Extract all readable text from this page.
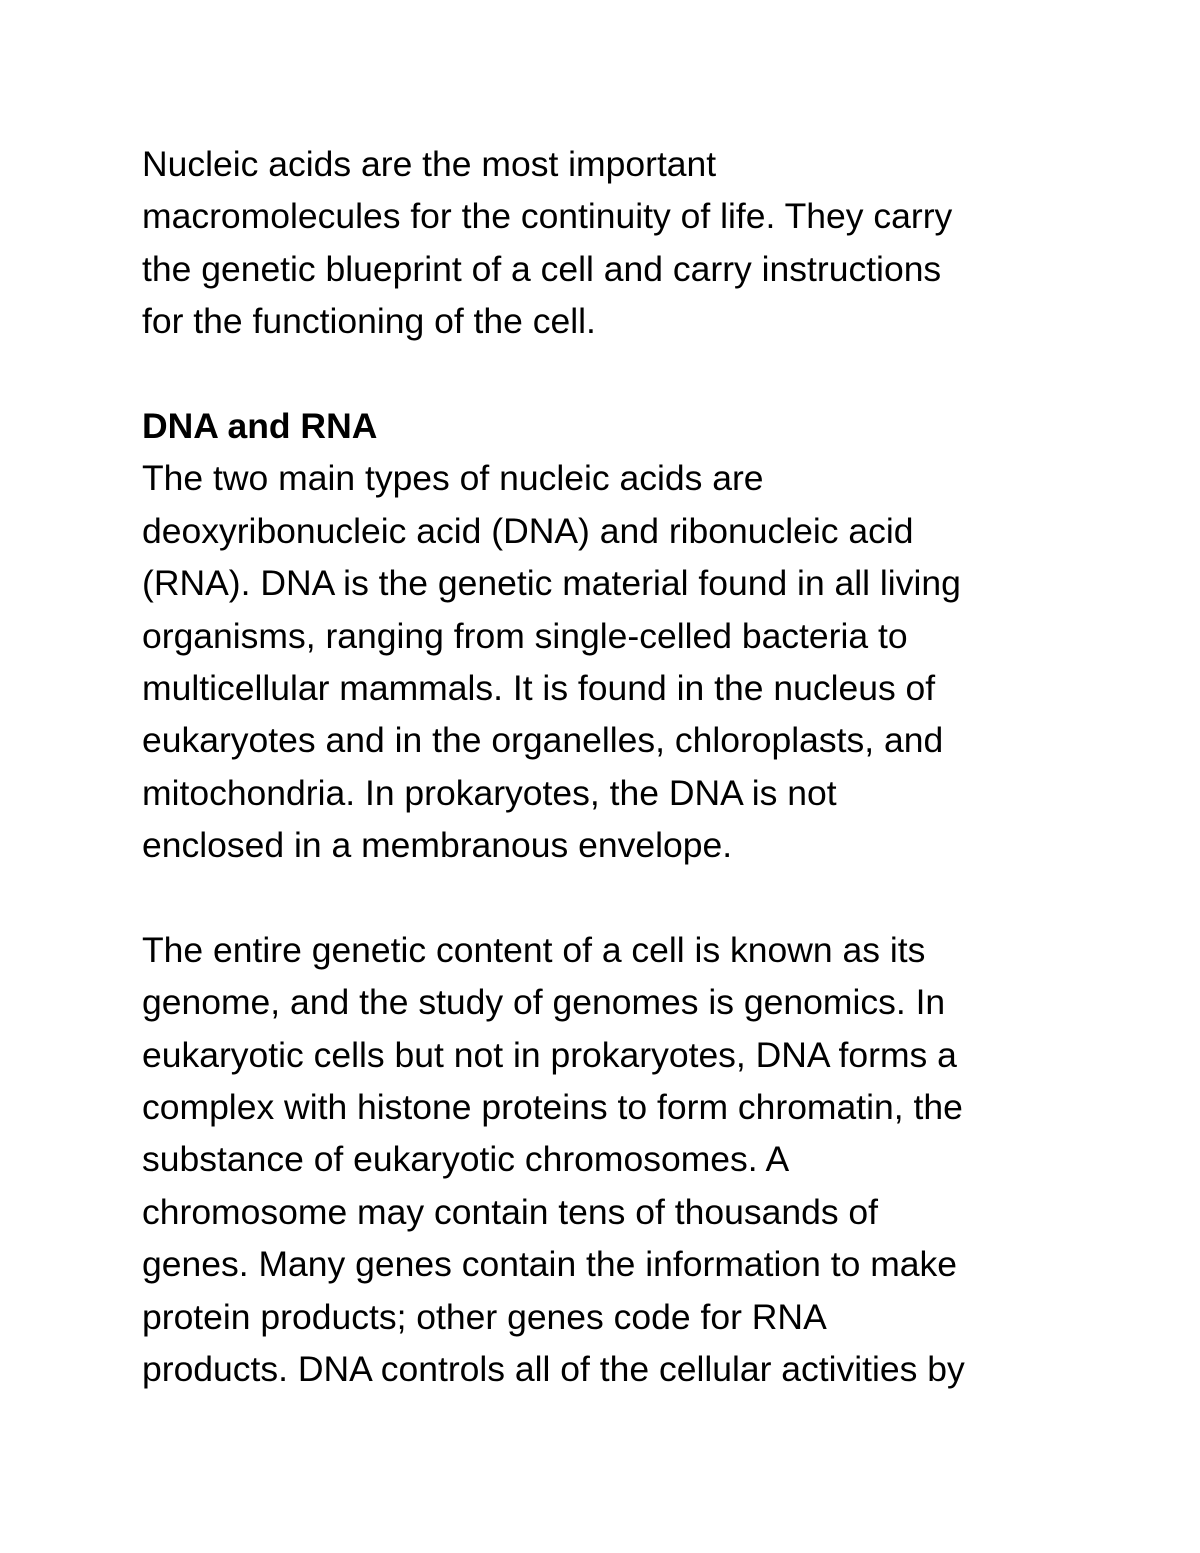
Nucleic acids are the most important
macromolecules for the continuity of life. They carry
the genetic blueprint of a cell and carry instructions
for the functioning of the cell.
DNA and RNA
The two main types of nucleic acids are
deoxyribonucleic acid (DNA) and ribonucleic acid
(RNA). DNA is the genetic material found in all living
organisms, ranging from single-celled bacteria to
multicellular mammals. It is found in the nucleus of
eukaryotes and in the organelles, chloroplasts, and
mitochondria. In prokaryotes, the DNA is not
enclosed in a membranous envelope.
The entire genetic content of a cell is known as its
genome, and the study of genomes is genomics. In
eukaryotic cells but not in prokaryotes, DNA forms a
complex with histone proteins to form chromatin, the
substance of eukaryotic chromosomes. A
chromosome may contain tens of thousands of
genes. Many genes contain the information to make
protein products; other genes code for RNA
products. DNA controls all of the cellular activities by
